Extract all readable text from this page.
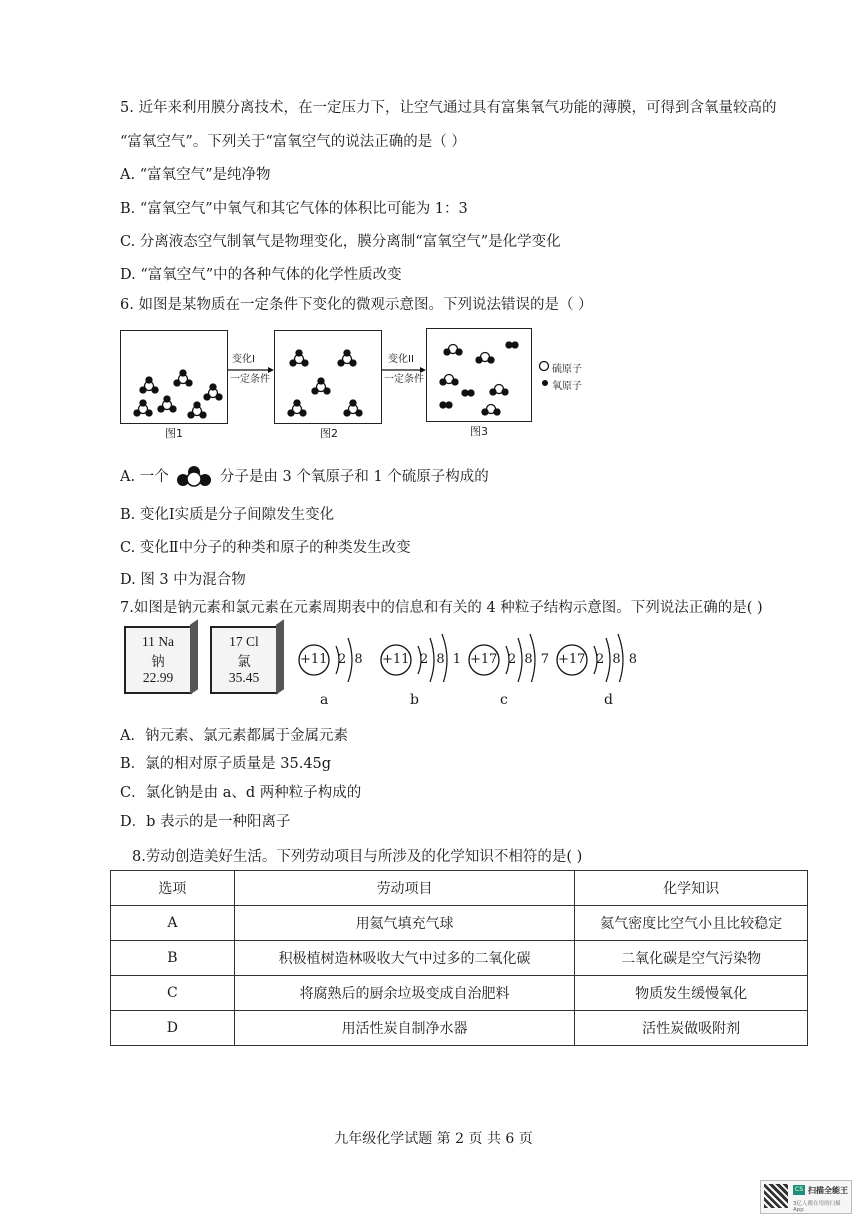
5. 近年来利用膜分离技术，在一定压力下，让空气通过具有富集氧气功能的薄膜，可得到含氧量较高的
“富氧空气”。下列关于“富氧空气的说法正确的是（ ）
A. “富氧空气”是纯净物
B. “富氧空气”中氧气和其它气体的体积比可能为 1：3
C. 分离液态空气制氧气是物理变化，膜分离制“富氧空气”是化学变化
D. “富氧空气”中的各种气体的化学性质改变
6. 如图是某物质在一定条件下变化的微观示意图。下列说法错误的是（ ）
图1
变化I
一定条件
图2
变化II
一定条件
图3
硫原子
氧原子
A. 一个	分子是由 3 个氧原子和 1 个硫原子构成的
B. 变化Ⅰ实质是分子间隙发生变化
C. 变化Ⅱ中分子的种类和原子的种类发生改变
D. 图 3 中为混合物
7.如图是钠元素和氯元素在元素周期表中的信息和有关的 4 种粒子结构示意图。下列说法正确的是( )
11 Na
钠
22.99
17 Cl
氯
35.45
+11 2 8
a
+11 2 8 1
b
+17 2 8 7
c
+17 2 8 8
d
A．钠元素、氯元素都属于金属元素
B．氯的相对原子质量是 35.45g
C．氯化钠是由 a、d 两种粒子构成的
D．b 表示的是一种阳离子
8.劳动创造美好生活。下列劳动项目与所涉及的化学知识不相符的是( )
选项	劳动项目	化学知识
A	用氦气填充气球	氦气密度比空气小且比较稳定
B	积极植树造林吸收大气中过多的二氧化碳	二氧化碳是空气污染物
C	将腐熟后的厨余垃圾变成自治肥料	物质发生缓慢氧化
D	用活性炭自制净水器	活性炭做吸附剂
九年级化学试题 第 2 页 共 6 页
CS 扫描全能王
3亿人都在用的扫描App
